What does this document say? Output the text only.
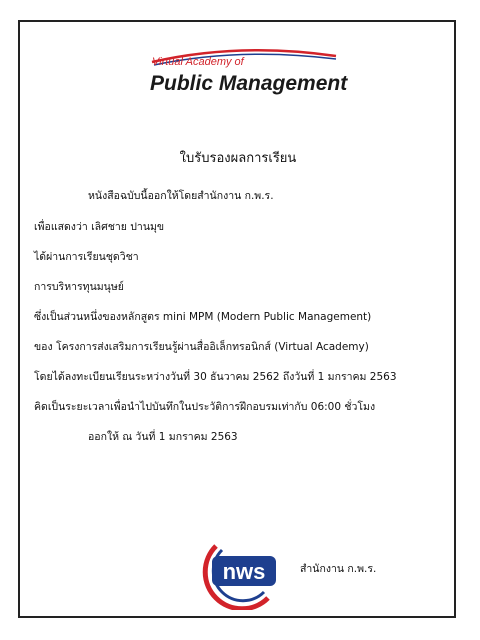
Virtual Academy of
Public Management
ใบรับรองผลการเรียน
หนังสือฉบับนี้ออกให้โดยสำนักงาน ก.พ.ร.
เพื่อแสดงว่า เลิศชาย ปานมุข
ได้ผ่านการเรียนชุดวิชา
การบริหารทุนมนุษย์
ซึ่งเป็นส่วนหนึ่งของหลักสูตร mini MPM (Modern Public Management)
ของ โครงการส่งเสริมการเรียนรู้ผ่านสื่ออิเล็กทรอนิกส์ (Virtual Academy)
โดยได้ลงทะเบียนเรียนระหว่างวันที่ 30 ธันวาคม 2562 ถึงวันที่ 1 มกราคม 2563
คิดเป็นระยะเวลาเพื่อนำไปบันทึกในประวัติการฝึกอบรมเท่ากับ 06:00 ชั่วโมง
ออกให้ ณ วันที่ 1 มกราคม 2563
nws	สำนักงาน ก.พ.ร.
